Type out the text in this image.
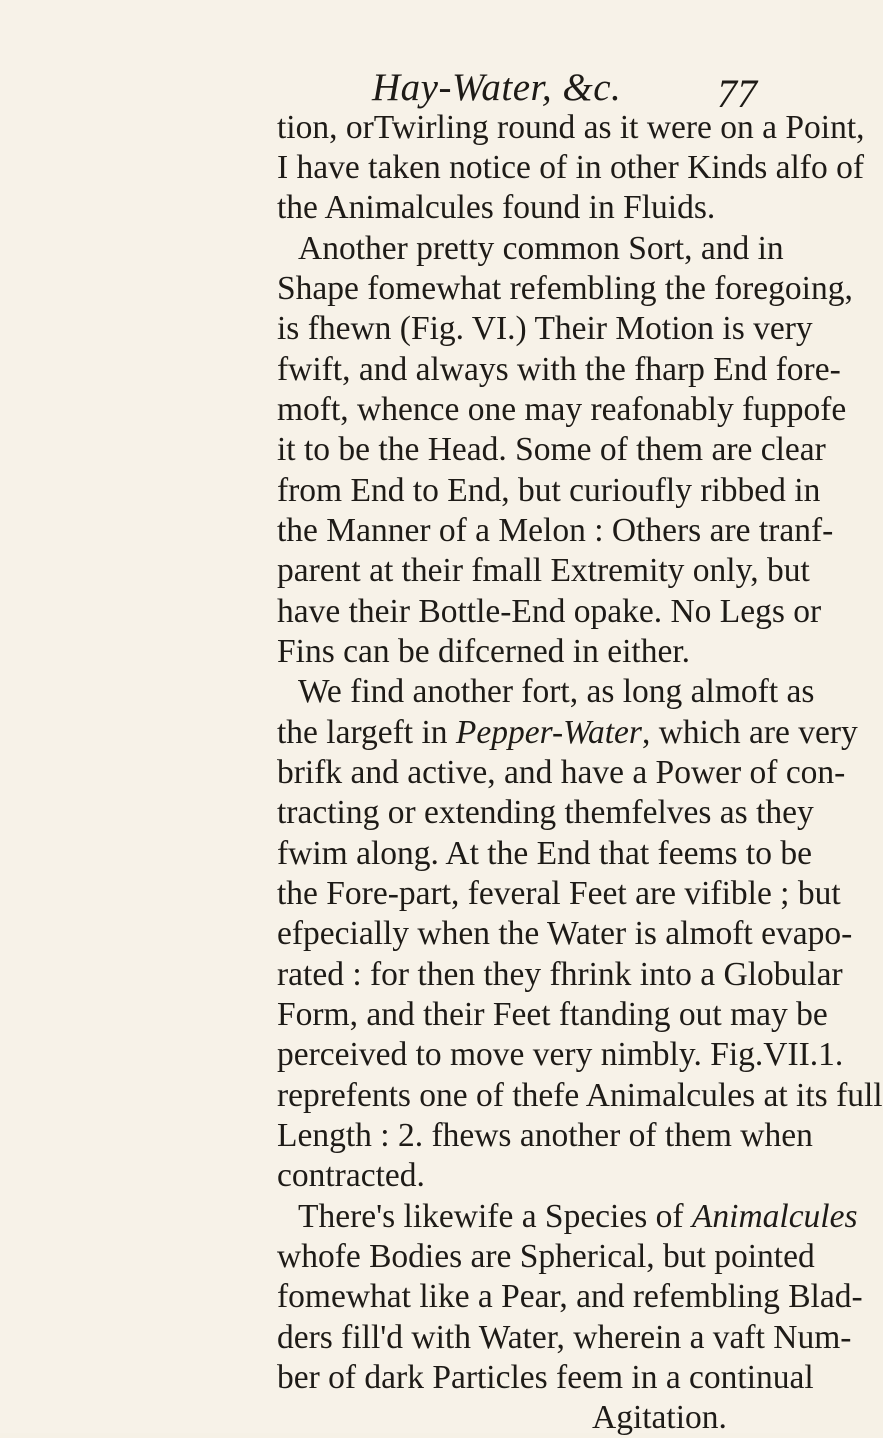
Hay-Water, &c. 77
tion, orTwirling round as it were on a Point,
I have taken notice of in other Kinds alfo of
the Animalcules found in Fluids.
Another pretty common Sort, and in
Shape fomewhat refembling the foregoing,
is fhewn (Fig. VI.) Their Motion is very
fwift, and always with the fharp End fore-
moft, whence one may reafonably fuppofe
it to be the Head. Some of them are clear
from End to End, but curioufly ribbed in
the Manner of a Melon : Others are tranf-
parent at their fmall Extremity only, but
have their Bottle-End opake. No Legs or
Fins can be difcerned in either.
We find another fort, as long almoft as
the largeft in Pepper-Water, which are very
brifk and active, and have a Power of con-
tracting or extending themfelves as they
fwim along. At the End that feems to be
the Fore-part, feveral Feet are vifible ; but
efpecially when the Water is almoft evapo-
rated : for then they fhrink into a Globular
Form, and their Feet ftanding out may be
perceived to move very nimbly. Fig.VII.1.
reprefents one of thefe Animalcules at its full
Length : 2. fhews another of them when
contracted.
There's likewife a Species of Animalcules
whofe Bodies are Spherical, but pointed
fomewhat like a Pear, and refembling Blad-
ders fill'd with Water, wherein a vaft Num-
ber of dark Particles feem in a continual
Agitation.
